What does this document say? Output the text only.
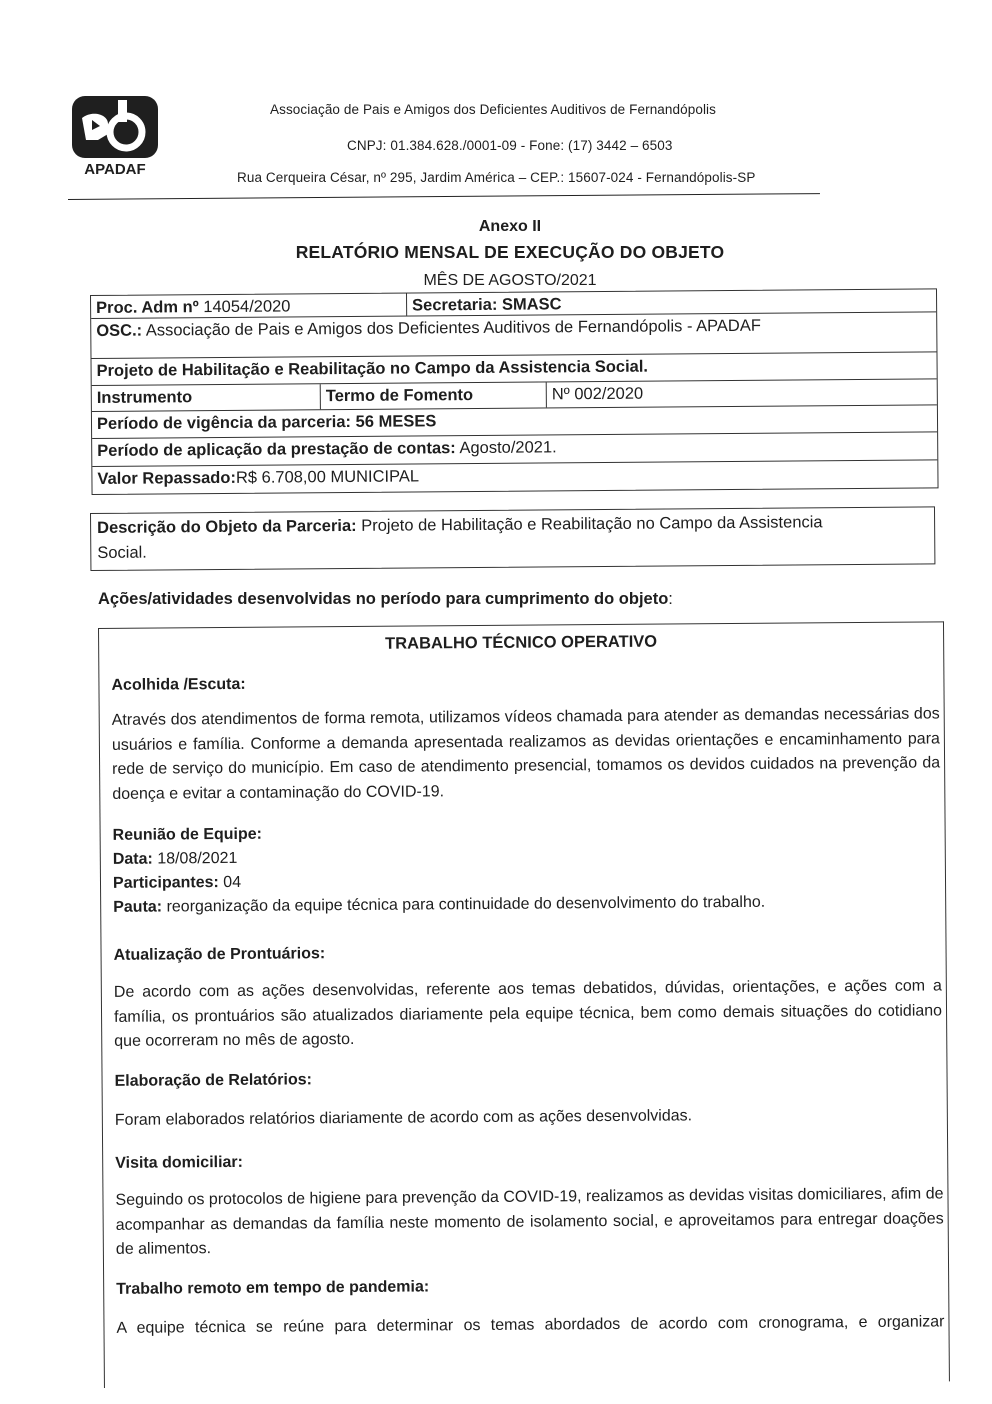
APADAF
Associação de Pais e Amigos dos Deficientes Auditivos de Fernandópolis
CNPJ: 01.384.628./0001-09 - Fone: (17) 3442 – 6503
Rua Cerqueira César, nº 295, Jardim América – CEP.: 15607-024 - Fernandópolis-SP
Anexo II
RELATÓRIO MENSAL DE EXECUÇÃO DO OBJETO
MÊS DE AGOSTO/2021
Proc. Adm nº 14054/2020	Secretaria: SMASC
OSC.: Associação de Pais e Amigos dos Deficientes Auditivos de Fernandópolis - APADAF
Projeto de Habilitação e Reabilitação no Campo da Assistencia Social.
Instrumento	Termo de Fomento	Nº 002/2020
Período de vigência da parceria: 56 MESES
Período de aplicação da prestação de contas: Agosto/2021.
Valor Repassado:R$ 6.708,00 MUNICIPAL
Descrição do Objeto da Parceria: Projeto de Habilitação e Reabilitação no Campo da Assistencia
Social.
Ações/atividades desenvolvidas no período para cumprimento do objeto:
TRABALHO TÉCNICO OPERATIVO
Acolhida /Escuta:
Através dos atendimentos de forma remota, utilizamos vídeos chamada para atender as demandas necessárias dos usuários e família. Conforme a demanda apresentada realizamos as devidas orientações e encaminhamento para rede de serviço do município. Em caso de atendimento presencial, tomamos os devidos cuidados na prevenção da doença e evitar a contaminação do COVID-19.
Reunião de Equipe:
Data: 18/08/2021
Participantes: 04
Pauta: reorganização da equipe técnica para continuidade do desenvolvimento do trabalho.
Atualização de Prontuários:
De acordo com as ações desenvolvidas, referente aos temas debatidos, dúvidas, orientações, e ações com a família, os prontuários são atualizados diariamente pela equipe técnica, bem como demais situações do cotidiano que ocorreram no mês de agosto.
Elaboração de Relatórios:
Foram elaborados relatórios diariamente de acordo com as ações desenvolvidas.
Visita domiciliar:
Seguindo os protocolos de higiene para prevenção da COVID-19, realizamos as devidas visitas domiciliares, afim de acompanhar as demandas da família neste momento de isolamento social, e aproveitamos para entregar doações de alimentos.
Trabalho remoto em tempo de pandemia:
A equipe técnica se reúne para determinar os temas abordados de acordo com cronograma, e organizar
